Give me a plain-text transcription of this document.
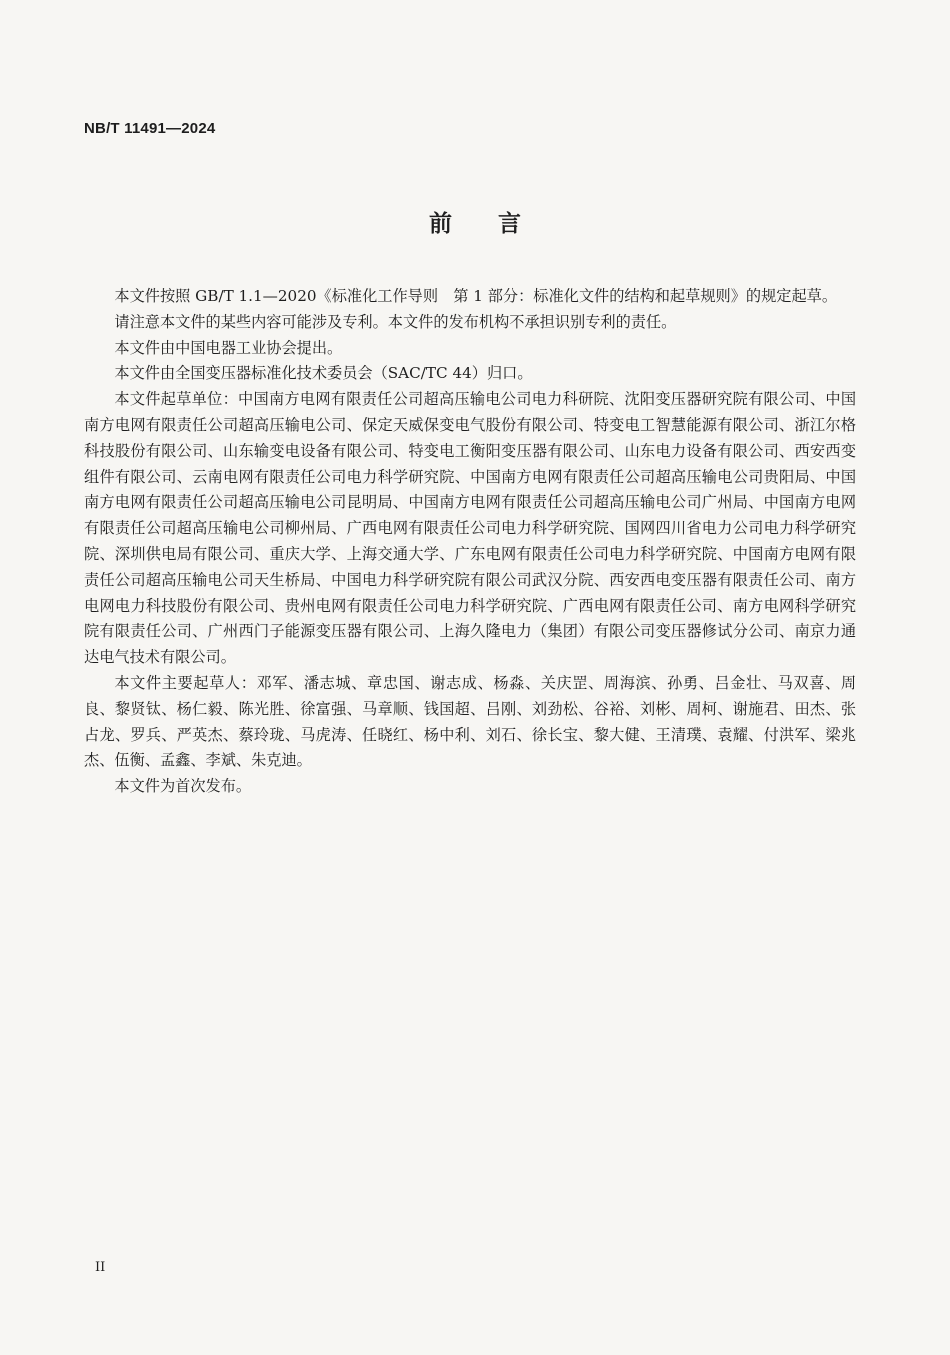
NB/T 11491—2024
前言

本文件按照 GB/T 1.1—2020《标准化工作导则　第 1 部分：标准化文件的结构和起草规则》的规定起草。

请注意本文件的某些内容可能涉及专利。本文件的发布机构不承担识别专利的责任。

本文件由中国电器工业协会提出。

本文件由全国变压器标准化技术委员会（SAC/TC 44）归口。

本文件起草单位：中国南方电网有限责任公司超高压输电公司电力科研院、沈阳变压器研究院有限公司、中国南方电网有限责任公司超高压输电公司、保定天威保变电气股份有限公司、特变电工智慧能源有限公司、浙江尔格科技股份有限公司、山东输变电设备有限公司、特变电工衡阳变压器有限公司、山东电力设备有限公司、西安西变组件有限公司、云南电网有限责任公司电力科学研究院、中国南方电网有限责任公司超高压输电公司贵阳局、中国南方电网有限责任公司超高压输电公司昆明局、中国南方电网有限责任公司超高压输电公司广州局、中国南方电网有限责任公司超高压输电公司柳州局、广西电网有限责任公司电力科学研究院、国网四川省电力公司电力科学研究院、深圳供电局有限公司、重庆大学、上海交通大学、广东电网有限责任公司电力科学研究院、中国南方电网有限责任公司超高压输电公司天生桥局、中国电力科学研究院有限公司武汉分院、西安西电变压器有限责任公司、南方电网电力科技股份有限公司、贵州电网有限责任公司电力科学研究院、广西电网有限责任公司、南方电网科学研究院有限责任公司、广州西门子能源变压器有限公司、上海久隆电力（集团）有限公司变压器修试分公司、南京力通达电气技术有限公司。

本文件主要起草人：邓军、潘志城、章忠国、谢志成、杨淼、关庆罡、周海滨、孙勇、吕金壮、马双喜、周良、黎贤钛、杨仁毅、陈光胜、徐富强、马章顺、钱国超、吕刚、刘劲松、谷裕、刘彬、周柯、谢施君、田杰、张占龙、罗兵、严英杰、蔡玲珑、马虎涛、任晓红、杨中利、刘石、徐长宝、黎大健、王清璞、袁耀、付洪军、梁兆杰、伍衡、孟鑫、李斌、朱克迪。

本文件为首次发布。

II
